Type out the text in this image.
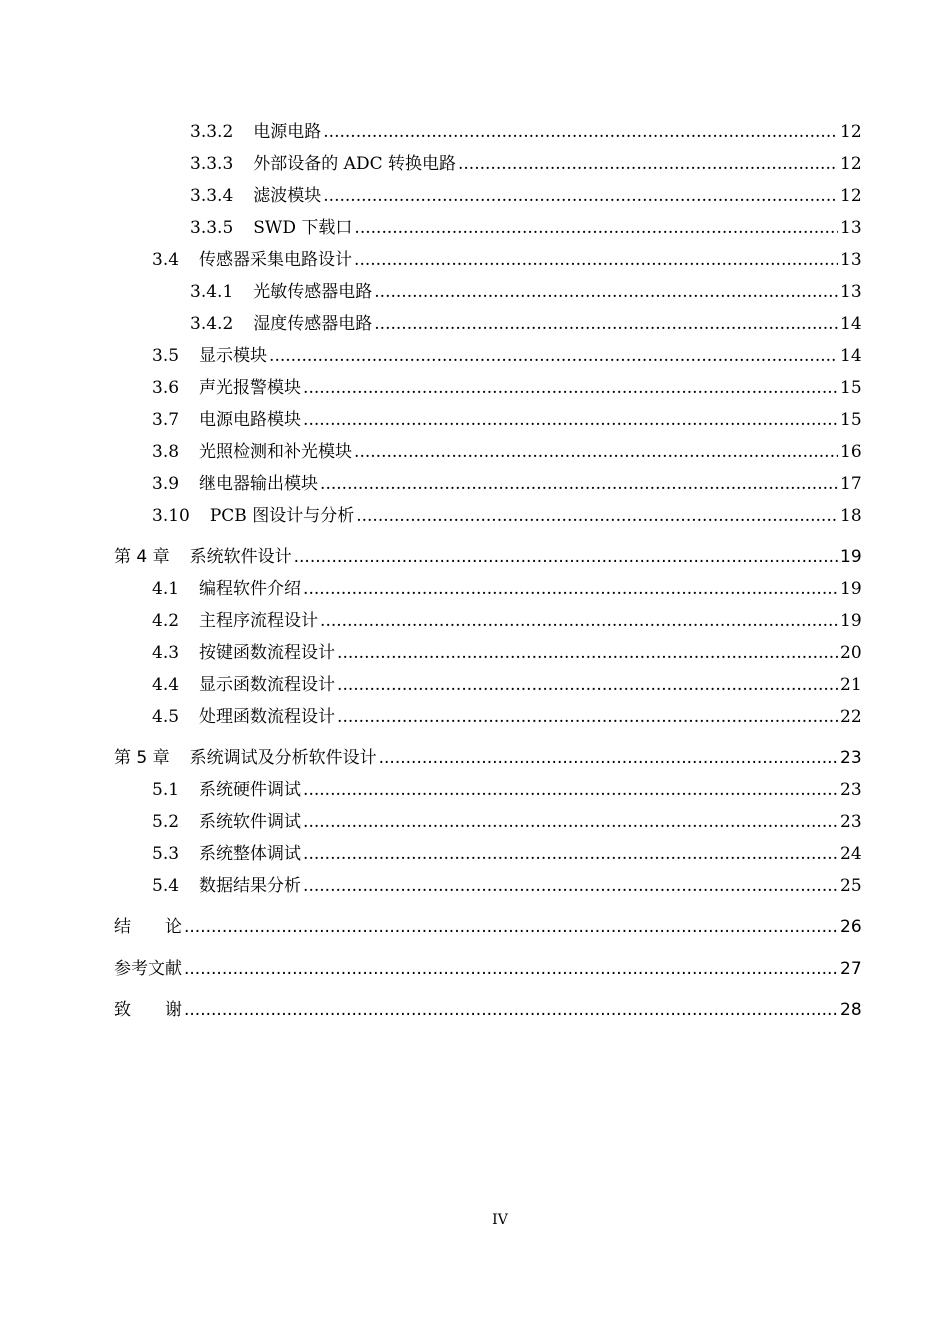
3.3.2	电源电路 .....	12
3.3.3	外部设备的 ADC 转换电路 .....	12
3.3.4	滤波模块 .....	12
3.3.5	SWD 下载口 .....	13
3.4	传感器采集电路设计 .....	13
3.4.1	光敏传感器电路 .....	13
3.4.2	湿度传感器电路 .....	14
3.5	显示模块 .....	14
3.6	声光报警模块 .....	15
3.7	电源电路模块 .....	15
3.8	光照检测和补光模块 .....	16
3.9	继电器输出模块 .....	17
3.10	PCB 图设计与分析 .....	18
第 4 章	系统软件设计 .....	19
4.1	编程软件介绍 .....	19
4.2	主程序流程设计 .....	19
4.3	按键函数流程设计 .....	20
4.4	显示函数流程设计 .....	21
4.5	处理函数流程设计 .....	22
第 5 章	系统调试及分析软件设计 .....	23
5.1	系统硬件调试 .....	23
5.2	系统软件调试 .....	23
5.3	系统整体调试 .....	24
5.4	数据结果分析 .....	25
结　　论 .....	26
参考文献 .....	27
致　　谢 .....	28
IV
